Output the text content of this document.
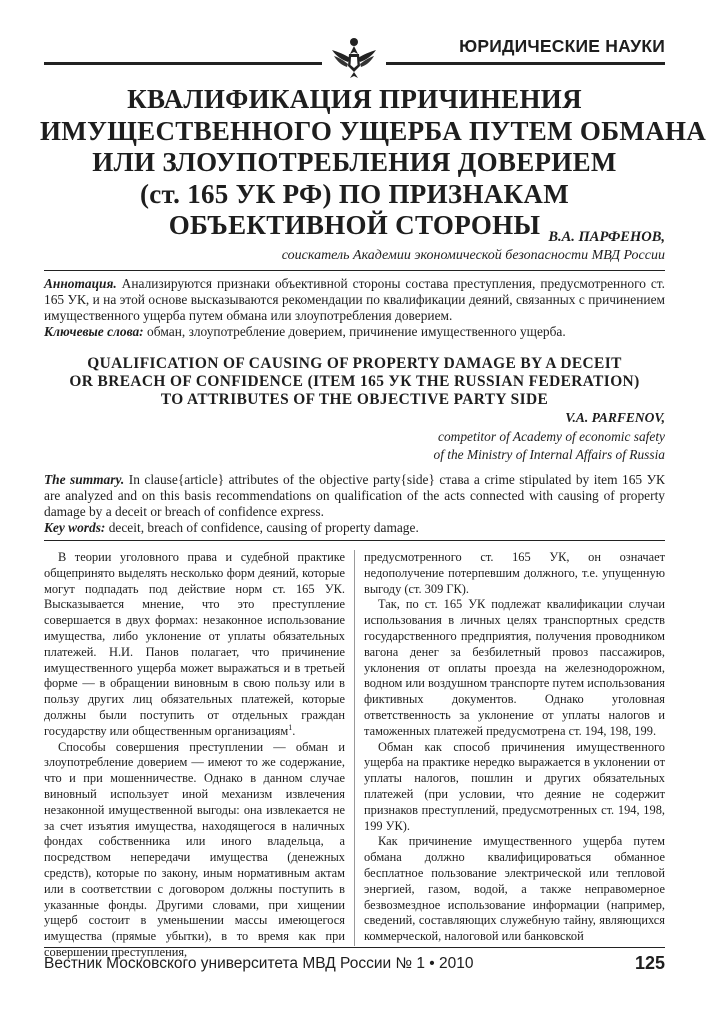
ЮРИДИЧЕСКИЕ НАУКИ
КВАЛИФИКАЦИЯ ПРИЧИНЕНИЯ
ИМУЩЕСТВЕННОГО УЩЕРБА ПУТЕМ ОБМАНА
ИЛИ ЗЛОУПОТРЕБЛЕНИЯ ДОВЕРИЕМ
(ст. 165 УК РФ) ПО ПРИЗНАКАМ
ОБЪЕКТИВНОЙ СТОРОНЫ В.А. ПАРФЕНОВ,
соискатель Академии экономической безопасности МВД России

Аннотация. Анализируются признаки объективной стороны состава преступления, предусмотренного ст. 165 УК, и на этой основе высказываются рекомендации по квалификации деяний, связанных с причинением имущественного ущерба путем обмана или злоупотребления доверием.

Ключевые слова: обман, злоупотребление доверием, причинение имущественного ущерба.

QUALIFICATION OF CAUSING OF PROPERTY DAMAGE BY A DECEIT
OR BREACH OF CONFIDENCE (ITEM 165 УК THE RUSSIAN FEDERATION)
TO ATTRIBUTES OF THE OBJECTIVE PARTY SIDE
V.A. PARFENOV,
competitor of Academy of economic safety
of the Ministry of Internal Affairs of Russia

The summary. In clause{article} attributes of the objective party{side} става a crime stipulated by item 165 УК are analyzed and on this basis recommendations on qualification of the acts connected with causing of property damage by a deceit or breach of confidence express.

Key words: deceit, breach of confidence, causing of property damage.

В теории уголовного права и судебной практике общепринято выделять несколько форм деяний, которые могут подпадать под действие норм ст. 165 УК. Высказывается мнение, что это преступление совершается в двух формах: незаконное использование имущества, либо уклонение от уплаты обязательных платежей. Н.И. Панов полагает, что причинение имущественного ущерба может выражаться и в третьей форме — в обращении виновным в свою пользу или в пользу других лиц обязательных платежей, которые должны были поступить от отдельных граждан государству или общественным организациям$^1$.

Способы совершения преступлении — обман и злоупотребление доверием — имеют то же содержание, что и при мошенничестве. Однако в данном случае виновный использует иной механизм извлечения незаконной имущественной выгоды: она извлекается не за счет изъятия имущества, находящегося в наличных фондах собственника или иного владельца, а посредством непередачи имущества (денежных средств), которые по закону, иным нормативным актам или в соответствии с договором должны поступить в указанные фонды. Другими словами, при хищении ущерб состоит в уменьшении массы имеющегося имущества (прямые убытки), в то время как при совершении преступления,

предусмотренного ст. 165 УК, он означает недополучение потерпевшим должного, т.е. упущенную выгоду (ст. 309 ГК).

Так, по ст. 165 УК подлежат квалификации случаи использования в личных целях транспортных средств государственного предприятия, получения проводником вагона денег за безбилетный провоз пассажиров, уклонения от оплаты проезда на железнодорожном, водном или воздушном транспорте путем использования фиктивных документов. Однако уголовная ответственность за уклонение от уплаты налогов и таможенных платежей предусмотрена ст. 194, 198, 199.

Обман как способ причинения имущественного ущерба на практике нередко выражается в уклонении от уплаты налогов, пошлин и других обязательных платежей (при условии, что деяние не содержит признаков преступлений, предусмотренных ст. 194, 198, 199 УК).

Как причинение имущественного ущерба путем обмана должно квалифицироваться обманное бесплатное пользование электрической или тепловой энергией, газом, водой, а также неправомерное безвозмездное использование информации (например, сведений, составляющих служебную тайну, являющихся коммерческой, налоговой или банковской

Вестник Московского университета МВД России № 1 • 2010	125
